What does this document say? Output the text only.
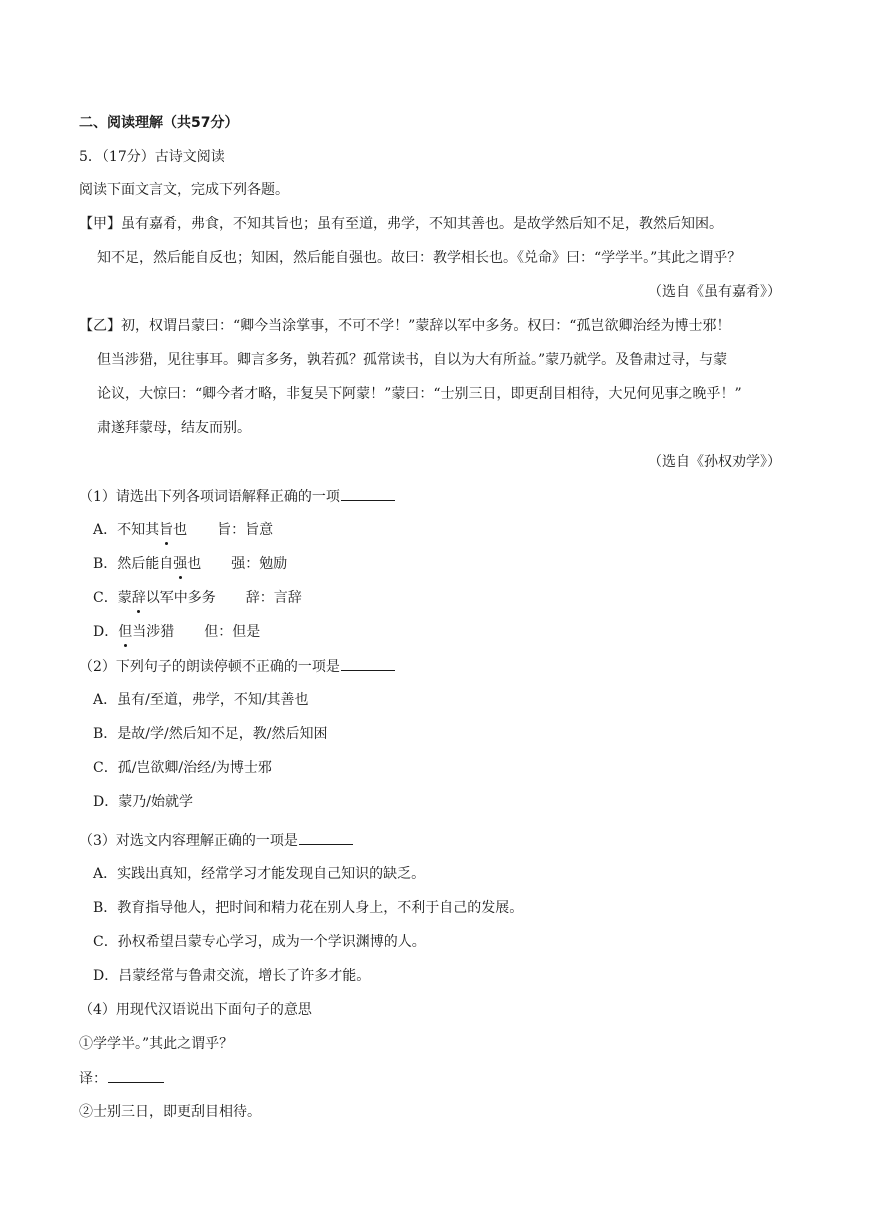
二、阅读理解（共57分）
5．（17分）古诗文阅读
阅读下面文言文，完成下列各题。
【甲】虽有嘉肴，弗食，不知其旨也；虽有至道，弗学，不知其善也。是故学然后知不足，教然后知困。
知不足，然后能自反也；知困，然后能自强也。故曰：教学相长也。《兑命》曰：“学学半。”其此之谓乎？
（选自《虽有嘉肴》）
【乙】初，权谓吕蒙曰：“卿今当涂掌事，不可不学！”蒙辞以军中多务。权曰：“孤岂欲卿治经为博士邪！
但当涉猎，见往事耳。卿言多务，孰若孤？孤常读书，自以为大有所益。”蒙乃就学。及鲁肃过寻，与蒙
论议，大惊曰：“卿今者才略，非复吴下阿蒙！”蒙曰：“士别三日，即更刮目相待，大兄何见事之晚乎！”
肃遂拜蒙母，结友而别。
（选自《孙权劝学》）
（1）请选出下列各项词语解释正确的一项
A．不知其旨也 旨：旨意
B．然后能自强也 强：勉励
C．蒙辞以军中多务 辞：言辞
D．但当涉猎 但：但是
（2）下列句子的朗读停顿不正确的一项是
A．虽有/至道，弗学，不知/其善也
B．是故/学/然后知不足，教/然后知困
C．孤/岂欲卿/治经/为博士邪
D．蒙乃/始就学
（3）对选文内容理解正确的一项是
A．实践出真知，经常学习才能发现自己知识的缺乏。
B．教育指导他人，把时间和精力花在别人身上，不利于自己的发展。
C．孙权希望吕蒙专心学习，成为一个学识渊博的人。
D．吕蒙经常与鲁肃交流，增长了许多才能。
（4）用现代汉语说出下面句子的意思
①学学半。”其此之谓乎？
译：
②士别三日，即更刮目相待。
